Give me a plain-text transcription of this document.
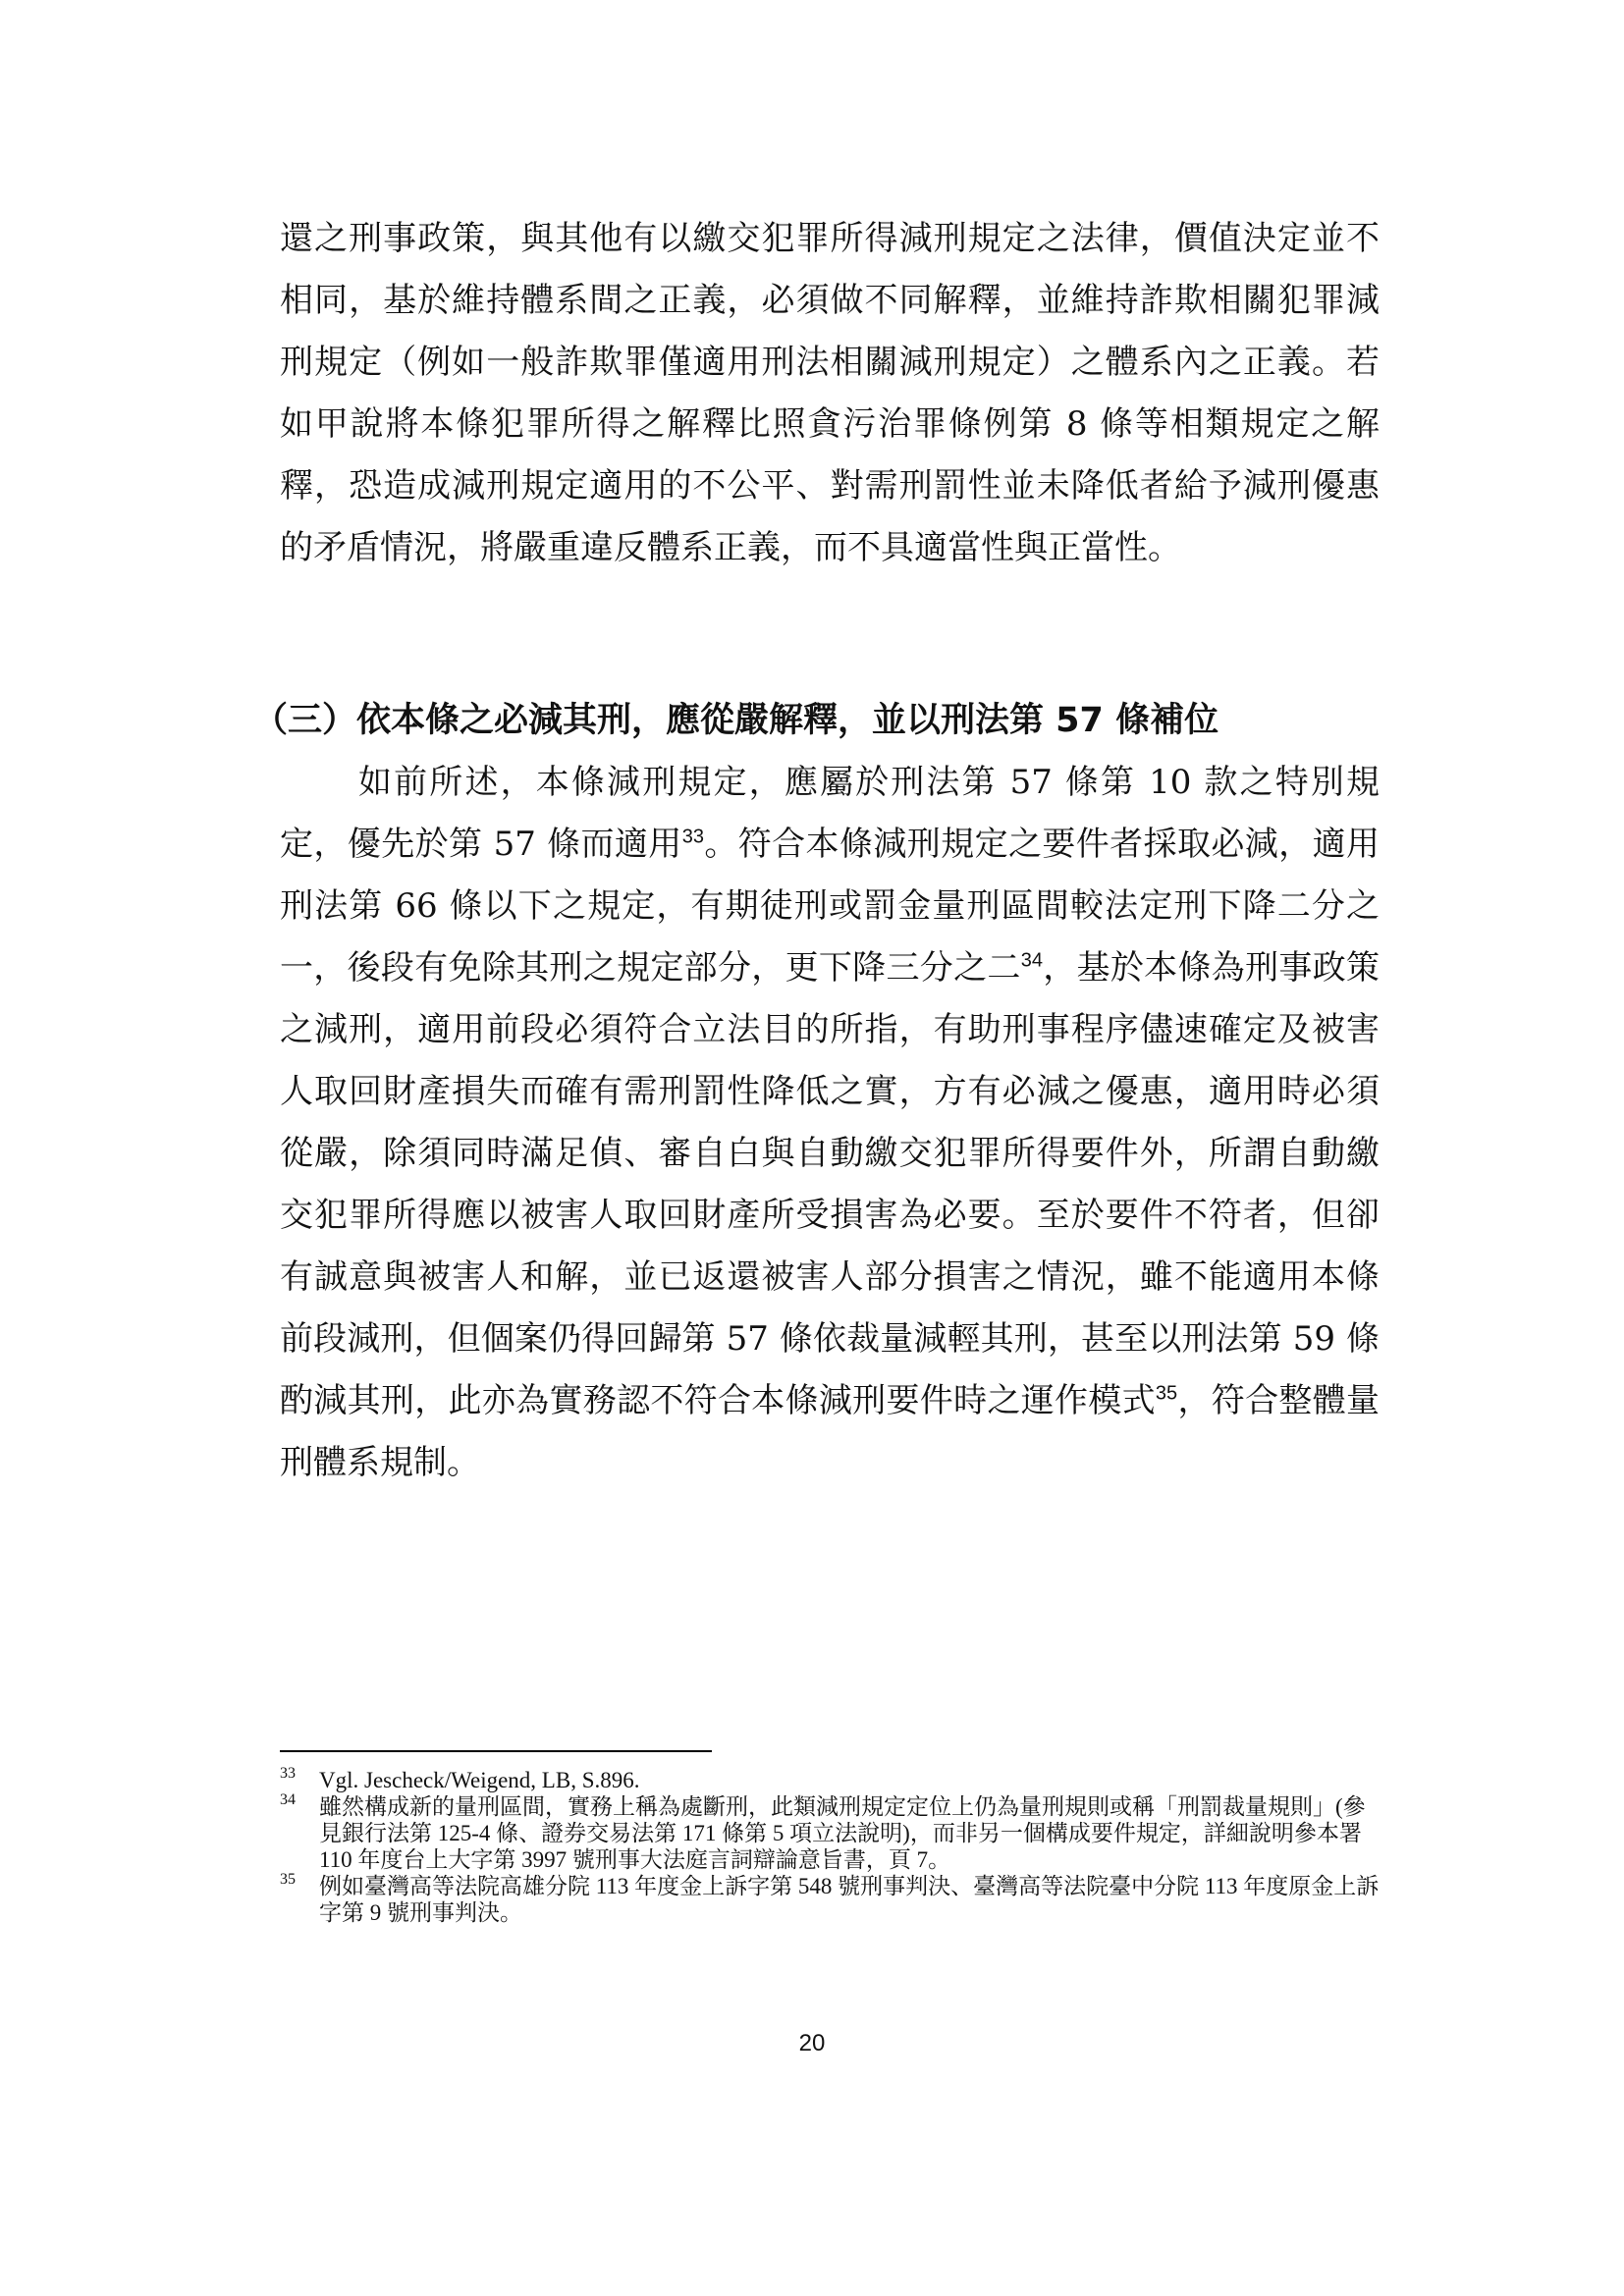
還之刑事政策，與其他有以繳交犯罪所得減刑規定之法律，價值決定並不相同，基於維持體系間之正義，必須做不同解釋，並維持詐欺相關犯罪減刑規定（例如一般詐欺罪僅適用刑法相關減刑規定）之體系內之正義。若如甲說將本條犯罪所得之解釋比照貪污治罪條例第 8 條等相類規定之解釋，恐造成減刑規定適用的不公平、對需刑罰性並未降低者給予減刑優惠的矛盾情況，將嚴重違反體系正義，而不具適當性與正當性。

（三）依本條之必減其刑，應從嚴解釋，並以刑法第 57 條補位

如前所述，本條減刑規定，應屬於刑法第 57 條第 10 款之特別規定，優先於第 57 條而適用$^{33}$。符合本條減刑規定之要件者採取必減，適用刑法第 66 條以下之規定，有期徒刑或罰金量刑區間較法定刑下降二分之一，後段有免除其刑之規定部分，更下降三分之二$^{34}$，基於本條為刑事政策之減刑，適用前段必須符合立法目的所指，有助刑事程序儘速確定及被害人取回財產損失而確有需刑罰性降低之實，方有必減之優惠，適用時必須從嚴，除須同時滿足偵、審自白與自動繳交犯罪所得要件外，所謂自動繳交犯罪所得應以被害人取回財產所受損害為必要。至於要件不符者，但卻有誠意與被害人和解，並已返還被害人部分損害之情況，雖不能適用本條前段減刑，但個案仍得回歸第 57 條依裁量減輕其刑，甚至以刑法第 59 條酌減其刑，此亦為實務認不符合本條減刑要件時之運作模式$^{35}$，符合整體量刑體系規制。

33 Vgl. Jescheck/Weigend, LB, S.896.
34 雖然構成新的量刑區間，實務上稱為處斷刑，此類減刑規定定位上仍為量刑規則或稱「刑罰裁量規則」(參見銀行法第 125-4 條、證券交易法第 171 條第 5 項立法說明)，而非另一個構成要件規定，詳細說明參本署 110 年度台上大字第 3997 號刑事大法庭言詞辯論意旨書，頁 7。
35 例如臺灣高等法院高雄分院 113 年度金上訴字第 548 號刑事判決、臺灣高等法院臺中分院 113 年度原金上訴字第 9 號刑事判決。
20
